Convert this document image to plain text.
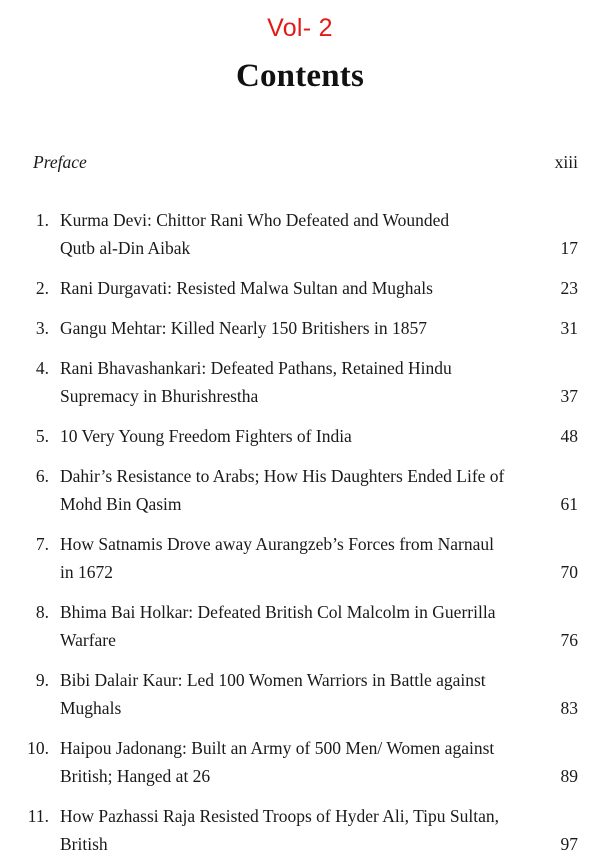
Vol- 2
Contents
Preface	xiii
1. Kurma Devi: Chittor Rani Who Defeated and Wounded
Qutb al-Din Aibak	17
2. Rani Durgavati: Resisted Malwa Sultan and Mughals	23
3. Gangu Mehtar: Killed Nearly 150 Britishers in 1857	31
4. Rani Bhavashankari: Defeated Pathans, Retained Hindu
Supremacy in Bhurishrestha	37
5. 10 Very Young Freedom Fighters of India	48
6. Dahir’s Resistance to Arabs; How His Daughters Ended Life of
Mohd Bin Qasim	61
7. How Satnamis Drove away Aurangzeb’s Forces from Narnaul
in 1672	70
8. Bhima Bai Holkar: Defeated British Col Malcolm in Guerrilla
Warfare	76
9. Bibi Dalair Kaur: Led 100 Women Warriors in Battle against
Mughals	83
10. Haipou Jadonang: Built an Army of 500 Men/ Women against
British; Hanged at 26	89
11. How Pazhassi Raja Resisted Troops of Hyder Ali, Tipu Sultan,
British	97
